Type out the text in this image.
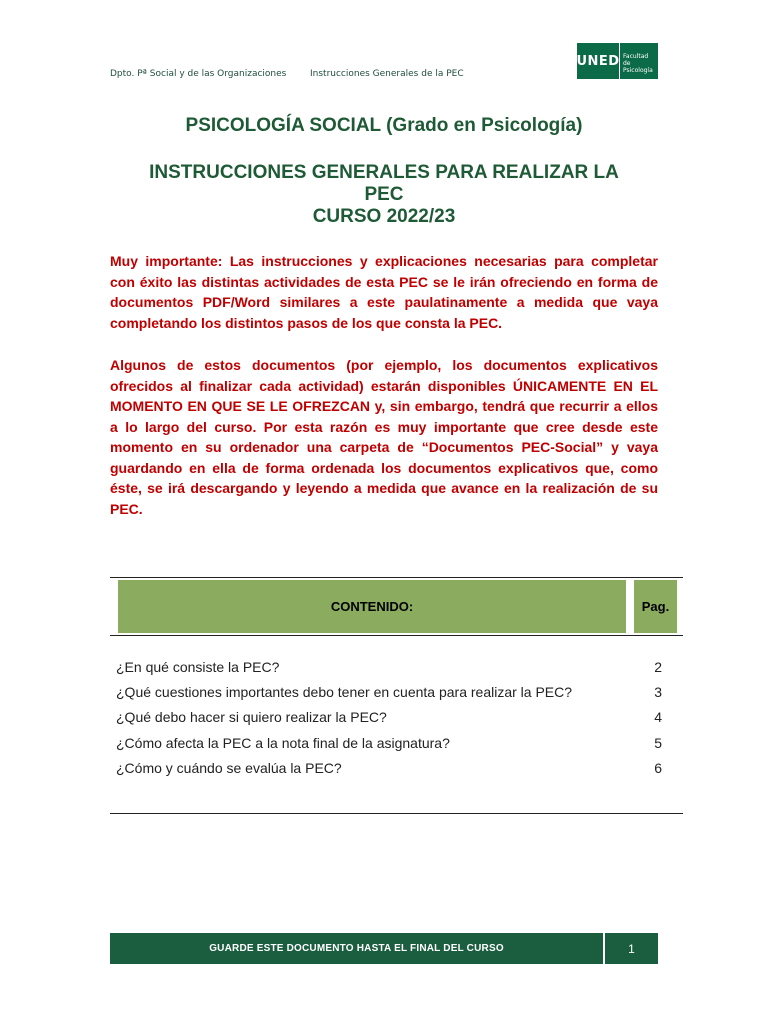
Dpto. Pª Social y de las Organizaciones	Instrucciones Generales de la PEC
UNED Facultad
de Psicología
PSICOLOGÍA SOCIAL (Grado en Psicología)
INSTRUCCIONES GENERALES PARA REALIZAR LA
PEC
CURSO 2022/23
Muy importante: Las instrucciones y explicaciones necesarias para completar con éxito las distintas actividades de esta PEC se le irán ofreciendo en forma de documentos PDF/Word similares a este paulatinamente a medida que vaya completando los distintos pasos de los que consta la PEC.
Algunos de estos documentos (por ejemplo, los documentos explicativos ofrecidos al finalizar cada actividad) estarán disponibles ÚNICAMENTE EN EL MOMENTO EN QUE SE LE OFREZCAN y, sin embargo, tendrá que recurrir a ellos a lo largo del curso. Por esta razón es muy importante que cree desde este momento en su ordenador una carpeta de “Documentos PEC-Social” y vaya guardando en ella de forma ordenada los documentos explicativos que, como éste, se irá descargando y leyendo a medida que avance en la realización de su PEC.
CONTENIDO:	Pag.
¿En qué consiste la PEC?	2
¿Qué cuestiones importantes debo tener en cuenta para realizar la PEC?	3
¿Qué debo hacer si quiero realizar la PEC?	4
¿Cómo afecta la PEC a la nota final de la asignatura?	5
¿Cómo y cuándo se evalúa la PEC?	6
GUARDE ESTE DOCUMENTO HASTA EL FINAL DEL CURSO	1
